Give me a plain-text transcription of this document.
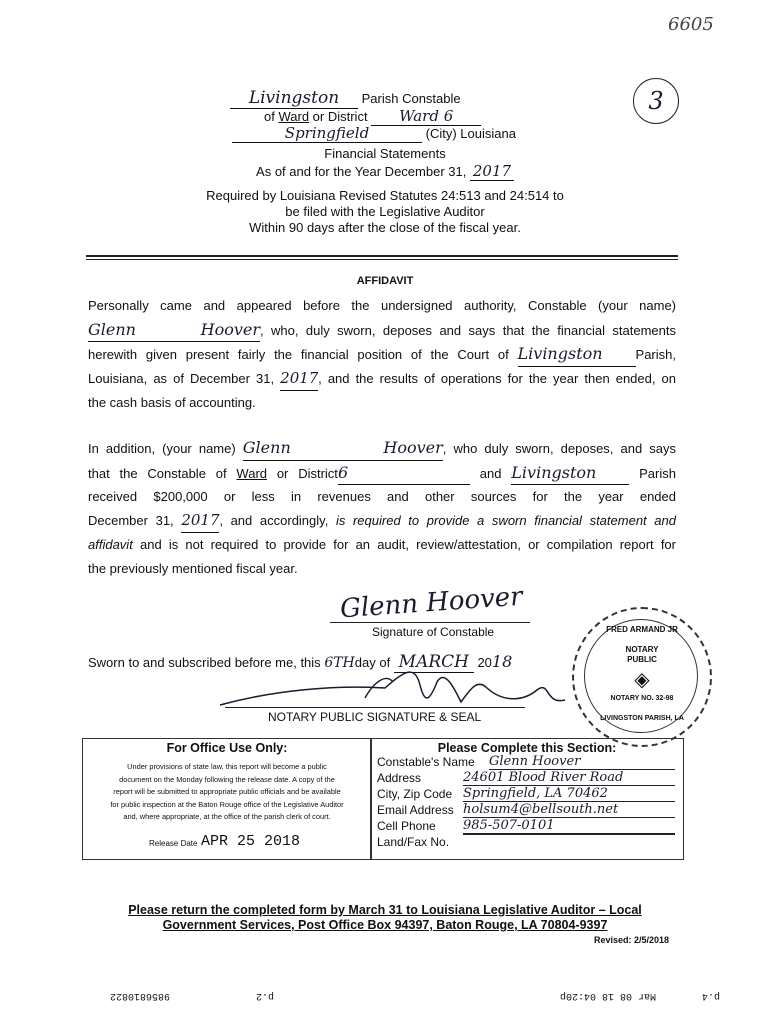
6605
3
Livingston Parish Constable
of Ward or District Ward 6
Springfield	(City) Louisiana
Financial Statements
As of and for the Year December 31, 2017
Required by Louisiana Revised Statutes 24:513 and 24:514 to
be filed with the Legislative Auditor
Within 90 days after the close of the fiscal year.
AFFIDAVIT
Personally came and appeared before the undersigned authority, Constable (your name)
Glenn Hoover, who, duly sworn, deposes and says that the financial statements
herewith given present fairly the financial position of the Court of Livingston	Parish,
Louisiana, as of December 31, 2017, and the results of operations for the year then ended, on
the cash basis of accounting.
In addition, (your name) Glenn Hoover, who duly sworn, deposes, and says
that the Constable of Ward or District6	and Livingston	Parish
received $200,000 or less in revenues and other sources for the year ended
December 31, 2017, and accordingly, is required to provide a sworn financial statement and
affidavit and is not required to provide for an audit, review/attestation, or compilation report for
the previously mentioned fiscal year.
Glenn Hoover
Signature of Constable
Sworn to and subscribed before me, this 6THday of MARCH 2018
NOTARY PUBLIC SIGNATURE & SEAL
FRED ARMAND JR
NOTARY
PUBLIC
◈
NOTARY NO. 32-98
LIVINGSTON PARISH, LA
For Office Use Only:
Under provisions of state law, this report will become a public
document on the Monday following the release date. A copy of the
report will be submitted to appropriate public officials and be available
for public inspection at the Baton Rouge office of the Legislative Auditor
and, where appropriate, at the office of the parish clerk of court.
Release Date APR 25 2018
Please Complete this Section:
Constable's Name Glenn Hoover
Address	24601 Blood River Road
City, Zip Code Springfield, LA 70462
Email Address holsum4@bellsouth.net
Cell Phone 985-507-0101
Land/Fax No.
Please return the completed form by March 31 to Louisiana Legislative Auditor – Local
Government Services, Post Office Box 94397, Baton Rouge, LA 70804-9397
Revised: 2/5/2018
p.2 9856810822	p.4 Mar 08 18 04:20p
